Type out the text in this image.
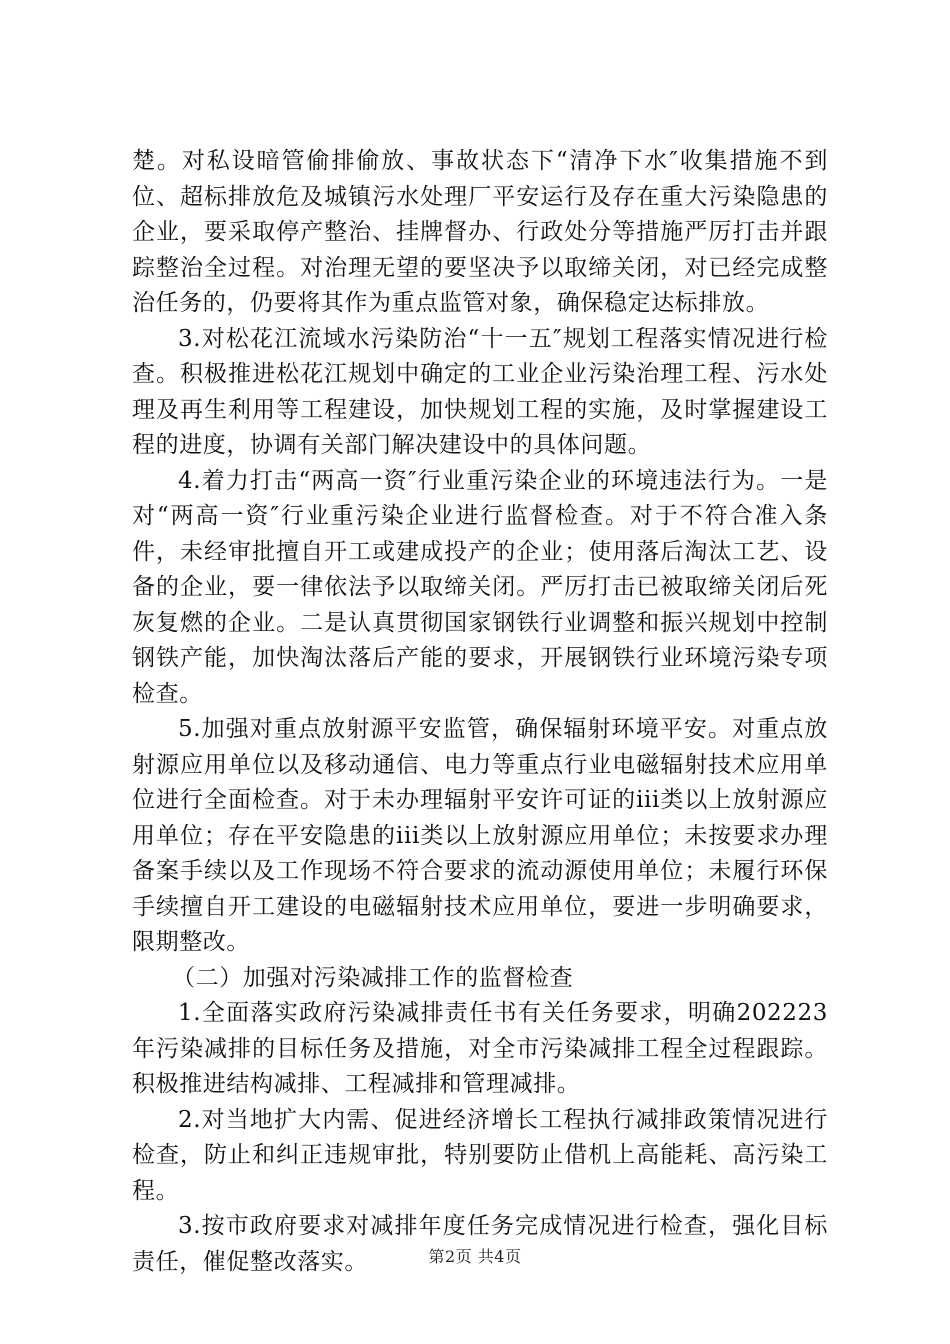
楚。对私设暗管偷排偷放、事故状态下“清净下水″收集措施不到位、超标排放危及城镇污水处理厂平安运行及存在重大污染隐患的企业，要采取停产整治、挂牌督办、行政处分等措施严厉打击并跟踪整治全过程。对治理无望的要坚决予以取缔关闭，对已经完成整治任务的，仍要将其作为重点监管对象，确保稳定达标排放。

3.对松花江流域水污染防治“十一五″规划工程落实情况进行检查。积极推进松花江规划中确定的工业企业污染治理工程、污水处理及再生利用等工程建设，加快规划工程的实施，及时掌握建设工程的进度，协调有关部门解决建设中的具体问题。

4.着力打击“两高一资″行业重污染企业的环境违法行为。一是对“两高一资″行业重污染企业进行监督检查。对于不符合准入条件，未经审批擅自开工或建成投产的企业；使用落后淘汰工艺、设备的企业，要一律依法予以取缔关闭。严厉打击已被取缔关闭后死灰复燃的企业。二是认真贯彻国家钢铁行业调整和振兴规划中控制钢铁产能，加快淘汰落后产能的要求，开展钢铁行业环境污染专项检查。

5.加强对重点放射源平安监管，确保辐射环境平安。对重点放射源应用单位以及移动通信、电力等重点行业电磁辐射技术应用单位进行全面检查。对于未办理辐射平安许可证的iii类以上放射源应用单位；存在平安隐患的iii类以上放射源应用单位；未按要求办理备案手续以及工作现场不符合要求的流动源使用单位；未履行环保手续擅自开工建设的电磁辐射技术应用单位，要进一步明确要求，限期整改。

（二）加强对污染减排工作的监督检查

1.全面落实政府污染减排责任书有关任务要求，明确202223年污染减排的目标任务及措施，对全市污染减排工程全过程跟踪。积极推进结构减排、工程减排和管理减排。

2.对当地扩大内需、促进经济增长工程执行减排政策情况进行检查，防止和纠正违规审批，特别要防止借机上高能耗、高污染工程。

3.按市政府要求对减排年度任务完成情况进行检查，强化目标责任，催促整改落实。	第2页 共4页
